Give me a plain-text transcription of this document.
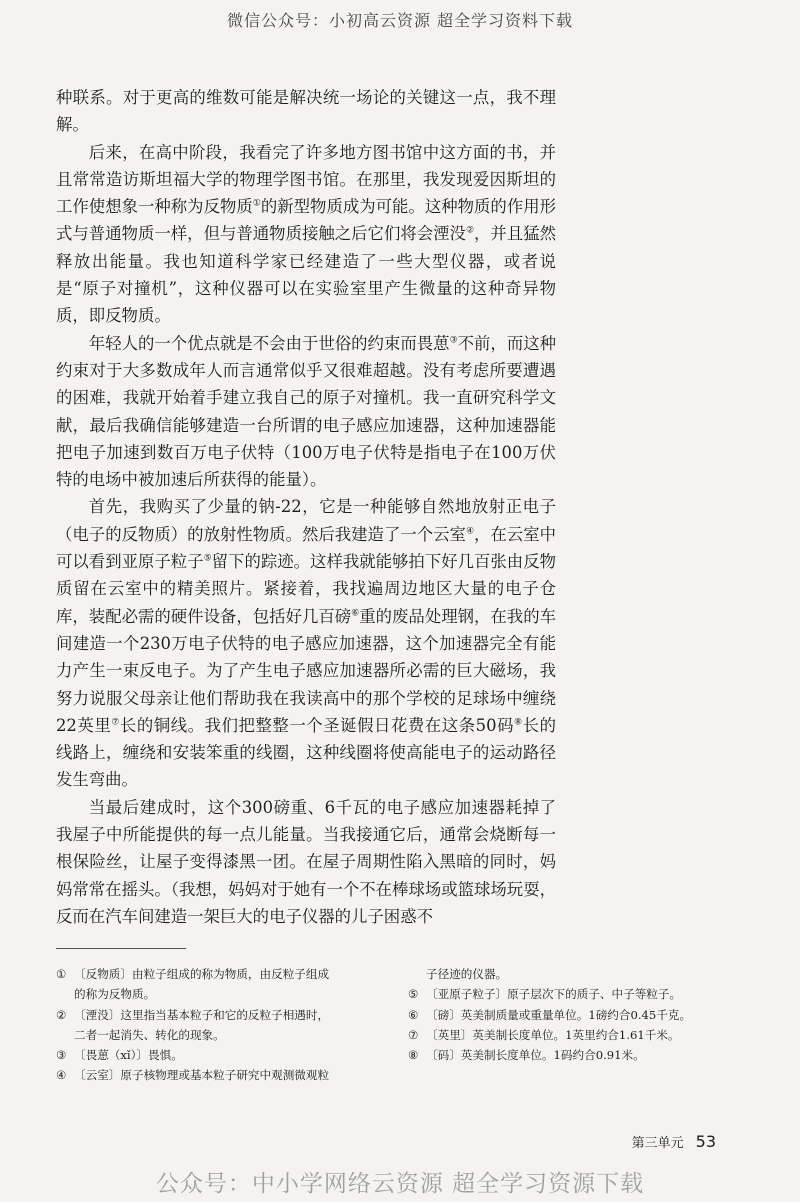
微信公众号：小初高云资源 超全学习资料下载

种联系。对于更高的维数可能是解决统一场论的关键这一点，我不理解。

后来，在高中阶段，我看完了许多地方图书馆中这方面的书，并且常常造访斯坦福大学的物理学图书馆。在那里，我发现爱因斯坦的工作使想象一种称为反物质①的新型物质成为可能。这种物质的作用形式与普通物质一样，但与普通物质接触之后它们将会湮没②，并且猛然释放出能量。我也知道科学家已经建造了一些大型仪器，或者说是“原子对撞机”，这种仪器可以在实验室里产生微量的这种奇异物质，即反物质。

年轻人的一个优点就是不会由于世俗的约束而畏葸③不前，而这种约束对于大多数成年人而言通常似乎又很难超越。没有考虑所要遭遇的困难，我就开始着手建立我自己的原子对撞机。我一直研究科学文献，最后我确信能够建造一台所谓的电子感应加速器，这种加速器能把电子加速到数百万电子伏特（100万电子伏特是指电子在100万伏特的电场中被加速后所获得的能量）。

首先，我购买了少量的钠-22，它是一种能够自然地放射正电子（电子的反物质）的放射性物质。然后我建造了一个云室④，在云室中可以看到亚原子粒子⑤留下的踪迹。这样我就能够拍下好几百张由反物质留在云室中的精美照片。紧接着，我找遍周边地区大量的电子仓库，装配必需的硬件设备，包括好几百磅⑥重的废品处理钢，在我的车间建造一个230万电子伏特的电子感应加速器，这个加速器完全有能力产生一束反电子。为了产生电子感应加速器所必需的巨大磁场，我努力说服父母亲让他们帮助我在我读高中的那个学校的足球场中缠绕22英里⑦长的铜线。我们把整整一个圣诞假日花费在这条50码⑧长的线路上，缠绕和安装笨重的线圈，这种线圈将使高能电子的运动路径发生弯曲。

当最后建成时，这个300磅重、6千瓦的电子感应加速器耗掉了我屋子中所能提供的每一点儿能量。当我接通它后，通常会烧断每一根保险丝，让屋子变得漆黑一团。在屋子周期性陷入黑暗的同时，妈妈常常在摇头。（我想，妈妈对于她有一个不在棒球场或篮球场玩耍，反而在汽车间建造一架巨大的电子仪器的儿子困惑不

① 〔反物质〕由粒子组成的称为物质，由反粒子组成
的称为反物质。
② 〔湮没〕这里指当基本粒子和它的反粒子相遇时，
二者一起消失、转化的现象。
③ 〔畏葸（xǐ）〕畏惧。
④ 〔云室〕原子核物理或基本粒子研究中观测微观粒
子径迹的仪器。
⑤ 〔亚原子粒子〕原子层次下的质子、中子等粒子。
⑥ 〔磅〕英美制质量或重量单位。1磅约合0.45千克。
⑦ 〔英里〕英美制长度单位。1英里约合1.61千米。
⑧ 〔码〕英美制长度单位。1码约合0.91米。
第三单元 53
公众号：中小学网络云资源 超全学习资源下载
